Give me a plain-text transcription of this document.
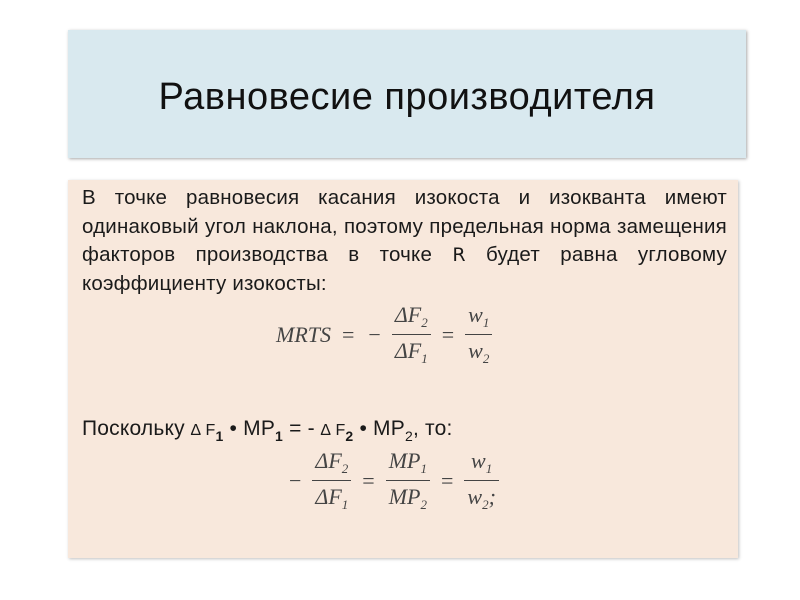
Равновесие производителя
В точке равновесия касания изокоста и изокванта имеют одинаковый угол наклона, поэтому предельная норма замещения факторов производства в точке R будет равна угловому коэффициенту изокосты:
MRTS = − $\frac{\Delta F_2}{\Delta F_1} = \frac{w_1}{w_2}$
Поскольку ∆ $F_1$ • $MP_1$ = - ∆ $F_2$ • $MP_2$, то:
− $\frac{\Delta F_2}{\Delta F_1} = \frac{MP_1}{MP_2} = \frac{w_1}{w_2;}$
